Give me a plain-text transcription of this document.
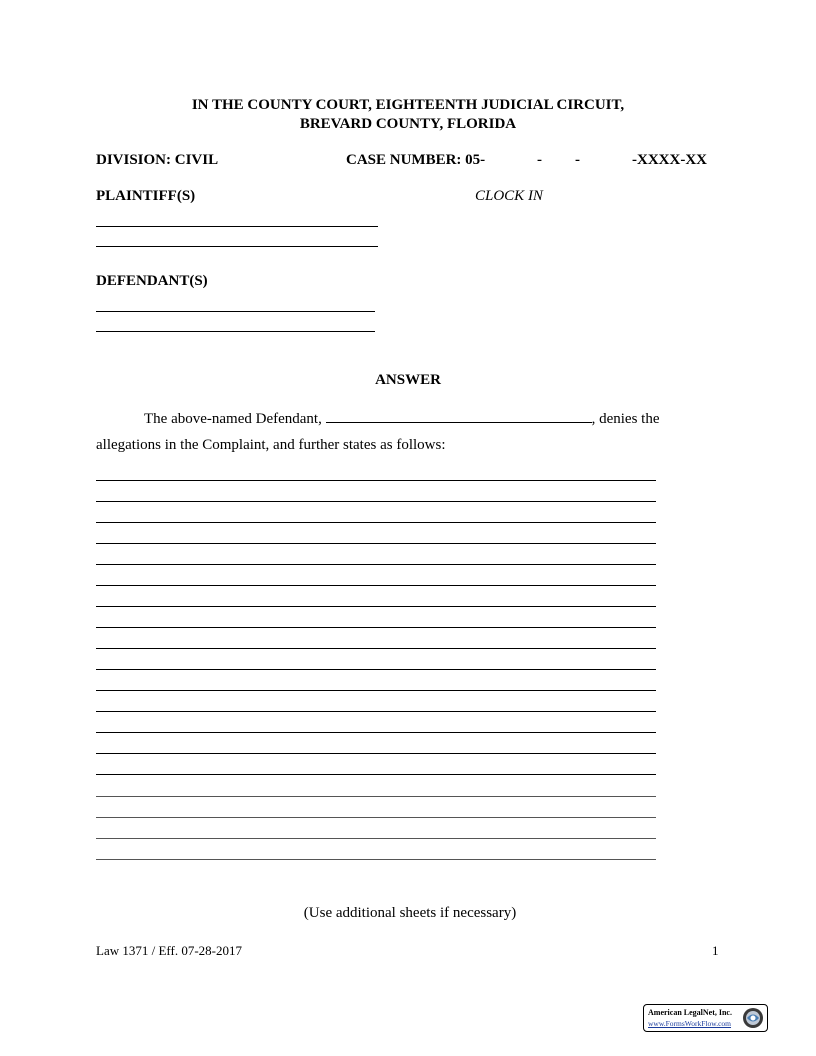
IN THE COUNTY COURT, EIGHTEENTH JUDICIAL CIRCUIT,
BREVARD COUNTY, FLORIDA
DIVISION: CIVIL	CASE NUMBER: 05-	- -	-XXXX-XX
PLAINTIFF(S)	CLOCK IN
DEFENDANT(S)
ANSWER
The above-named Defendant,	, denies the
allegations in the Complaint, and further states as follows:
(Use additional sheets if necessary)
Law 1371 / Eff. 07-28-2017	1
American LegalNet, Inc.
www.FormsWorkFlow.com
